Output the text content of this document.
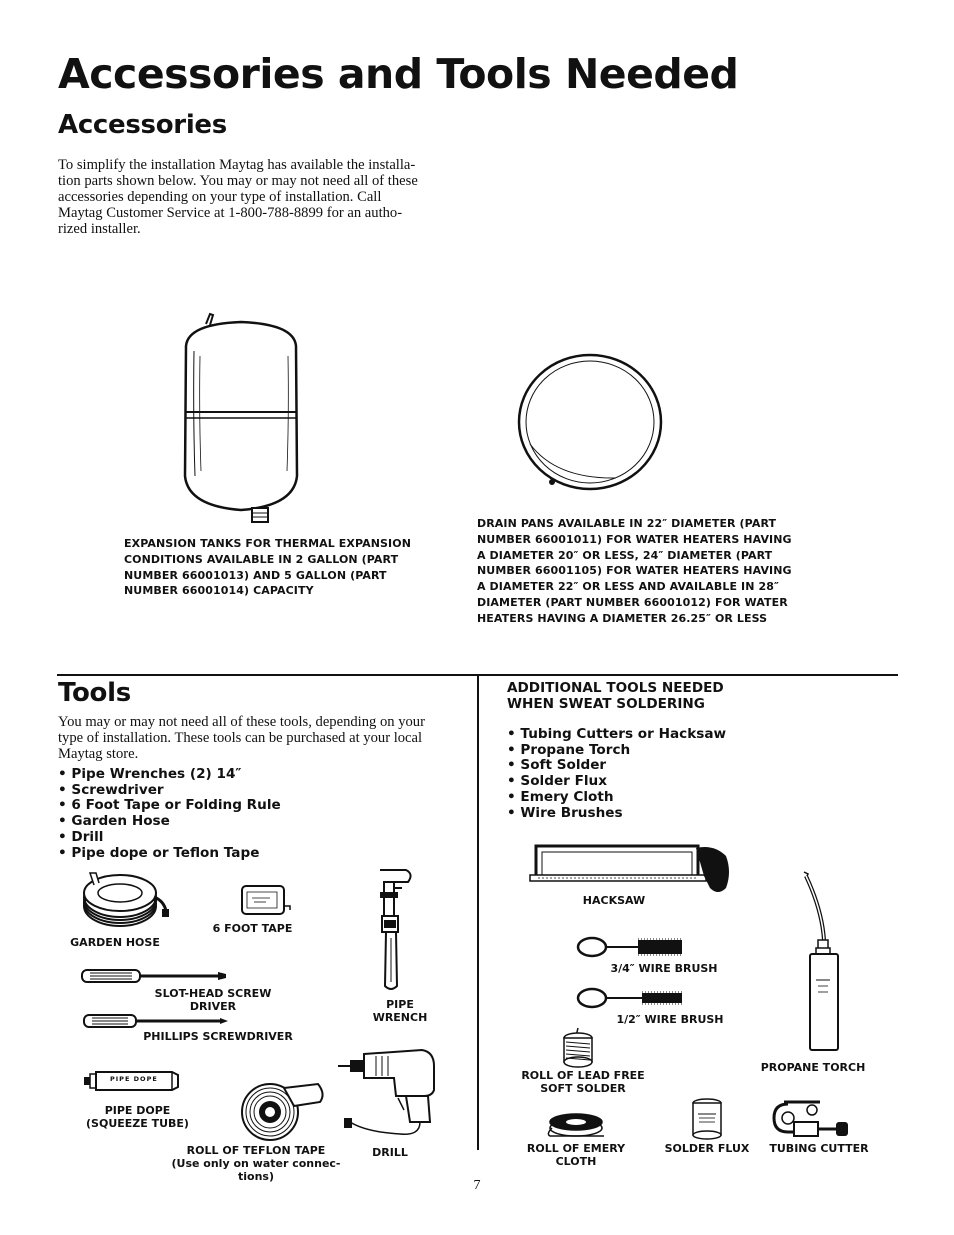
Accessories and Tools Needed
Accessories
To simplify the installation Maytag has available the installa-
tion parts shown below. You may or may not need all of these
accessories depending on your type of installation. Call
Maytag Customer Service at 1-800-788-8899 for an autho-
rized installer.
EXPANSION TANKS FOR THERMAL EXPANSION
CONDITIONS AVAILABLE IN 2 GALLON (PART
NUMBER 66001013) AND 5 GALLON (PART
NUMBER 66001014) CAPACITY
DRAIN PANS AVAILABLE IN 22″ DIAMETER (PART
NUMBER 66001011) FOR WATER HEATERS HAVING
A DIAMETER 20″ OR LESS, 24″ DIAMETER (PART
NUMBER 66001105) FOR WATER HEATERS HAVING
A DIAMETER 22″ OR LESS AND AVAILABLE IN 28″
DIAMETER (PART NUMBER 66001012) FOR WATER
HEATERS HAVING A DIAMETER 26.25″ OR LESS
Tools
You may or may not need all of these tools, depending on your
type of installation. These tools can be purchased at your local
Maytag store.
• Pipe Wrenches (2) 14″
• Screwdriver
• 6 Foot Tape or Folding Rule
• Garden Hose
• Drill
• Pipe dope or Teflon Tape
GARDEN HOSE
6 FOOT TAPE
PIPE
WRENCH
SLOT-HEAD SCREW DRIVER
PHILLIPS SCREWDRIVER
PIPE DOPE
PIPE DOPE
(SQUEEZE TUBE)
ROLL OF TEFLON TAPE
(Use only on water connec-
tions)
DRILL
ADDITIONAL TOOLS NEEDED
WHEN SWEAT SOLDERING
• Tubing Cutters or Hacksaw
• Propane Torch
• Soft Solder
• Solder Flux
• Emery Cloth
• Wire Brushes
HACKSAW
3/4″ WIRE BRUSH
1/2″ WIRE BRUSH
ROLL OF LEAD FREE
SOFT SOLDER
PROPANE TORCH
ROLL OF EMERY
CLOTH
SOLDER FLUX	TUBING CUTTER
7
